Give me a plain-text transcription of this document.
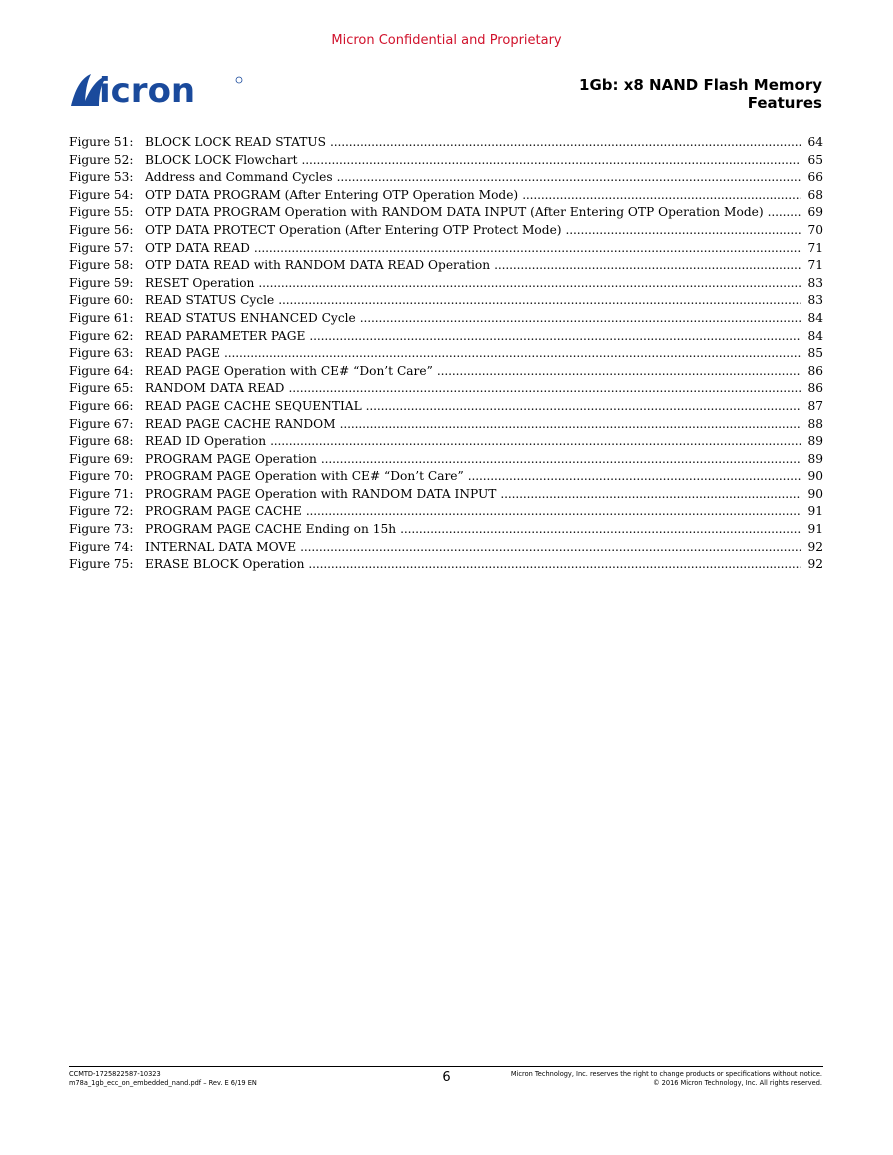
Micron Confidential and Proprietary
icron	1Gb: x8 NAND Flash Memory
Features
Figure 51: BLOCK LOCK READ STATUS . . .	64
Figure 52: BLOCK LOCK Flowchart . . .	65
Figure 53: Address and Command Cycles . . .	66
Figure 54: OTP DATA PROGRAM (After Entering OTP Operation Mode) . . .	68
Figure 55: OTP DATA PROGRAM Operation with RANDOM DATA INPUT (After Entering OTP Operation Mode) . . .	69
Figure 56: OTP DATA PROTECT Operation (After Entering OTP Protect Mode) . . .	70
Figure 57: OTP DATA READ . . .	71
Figure 58: OTP DATA READ with RANDOM DATA READ Operation . . .	71
Figure 59: RESET Operation . . .	83
Figure 60: READ STATUS Cycle . . .	83
Figure 61: READ STATUS ENHANCED Cycle . . .	84
Figure 62: READ PARAMETER PAGE . . .	84
Figure 63: READ PAGE . . .	85
Figure 64: READ PAGE Operation with CE# “Don’t Care” . . .	86
Figure 65: RANDOM DATA READ . . .	86
Figure 66: READ PAGE CACHE SEQUENTIAL . . .	87
Figure 67: READ PAGE CACHE RANDOM . . .	88
Figure 68: READ ID Operation . . .	89
Figure 69: PROGRAM PAGE Operation . . .	89
Figure 70: PROGRAM PAGE Operation with CE# “Don’t Care” . . .	90
Figure 71: PROGRAM PAGE Operation with RANDOM DATA INPUT . . .	90
Figure 72: PROGRAM PAGE CACHE . . .	91
Figure 73: PROGRAM PAGE CACHE Ending on 15h . . .	91
Figure 74: INTERNAL DATA MOVE . . .	92
Figure 75: ERASE BLOCK Operation . . .	92
CCMTD-1725822587-10323
m78a_1gb_ecc_on_embedded_nand.pdf – Rev. E 6/19 EN	6	Micron Technology, Inc. reserves the right to change products or specifications without notice.
© 2016 Micron Technology, Inc. All rights reserved.
